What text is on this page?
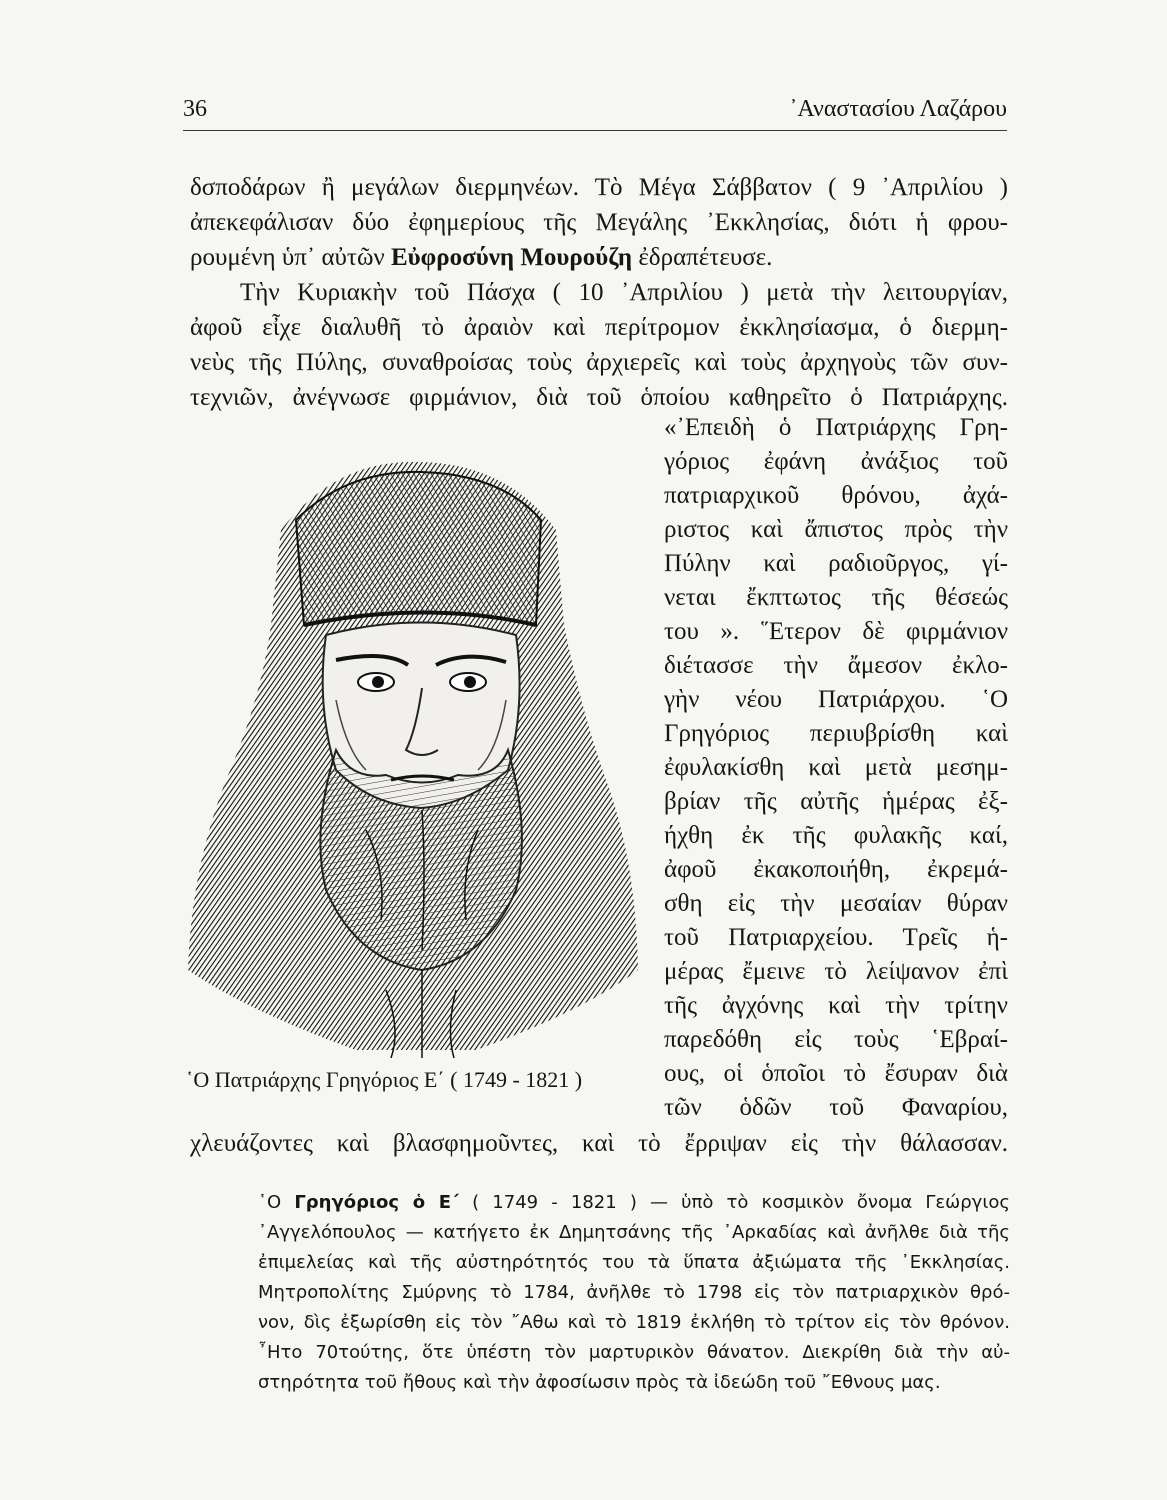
36	᾿Αναστασίου Λαζάρου
δσποδάρων ἢ μεγάλων διερμηνέων. Τὸ Μέγα Σάββατον ( 9 ᾿Απριλίου )
ἀπεκεφάλισαν δύο ἐφημερίους τῆς Μεγάλης ᾿Εκκλησίας, διότι ἡ φρου-
ρουμένη ὑπ᾿ αὐτῶν Εὐφροσύνη Μουρούζη ἐδραπέτευσε.
Τὴν Κυριακὴν τοῦ Πάσχα ( 10 ᾿Απριλίου ) μετὰ τὴν λειτουργίαν,
ἀφοῦ εἶχε διαλυθῆ τὸ ἀραιὸν καὶ περίτρομον ἐκκλησίασμα, ὁ διερμη-
νεὺς τῆς Πύλης, συναθροίσας τοὺς ἀρχιερεῖς καὶ τοὺς ἀρχηγοὺς τῶν συν-
τεχνιῶν, ἀνέγνωσε φιρμάνιον, διὰ τοῦ ὁποίου καθηρεῖτο ὁ Πατριάρχης.
«᾿Επειδὴ ὁ Πατριάρχης Γρη-
γόριος ἐφάνη ἀνάξιος τοῦ
πατριαρχικοῦ θρόνου, ἀχά-
ριστος καὶ ἄπιστος πρὸς τὴν
Πύλην καὶ ραδιοῦργος, γί-
νεται ἔκπτωτος τῆς θέσεώς
του ». ῞Ετερον δὲ φιρμάνιον
διέτασσε τὴν ἄμεσον ἐκλο-
γὴν νέου Πατριάρχου. ῾Ο
Γρηγόριος περιυβρίσθη καὶ
ἐφυλακίσθη καὶ μετὰ μεσημ-
βρίαν τῆς αὐτῆς ἡμέρας ἐξ-
ήχθη ἐκ τῆς φυλακῆς καί,
ἀφοῦ ἐκακοποιήθη, ἐκρεμά-
σθη εἰς τὴν μεσαίαν θύραν
τοῦ Πατριαρχείου. Τρεῖς ἡ-
μέρας ἔμεινε τὸ λείψανον ἐπὶ
τῆς ἀγχόνης καὶ τὴν τρίτην
παρεδόθη εἰς τοὺς ῾Εβραί-
ους, οἱ ὁποῖοι τὸ ἔσυραν διὰ
τῶν ὁδῶν τοῦ Φαναρίου,
῾Ο Πατριάρχης Γρηγόριος Ε΄ ( 1749 - 1821 )
χλευάζοντες καὶ βλασφημοῦντες, καὶ τὸ ἔρριψαν εἰς τὴν θάλασσαν.
῾Ο Γρηγόριος ὁ Ε΄ ( 1749 - 1821 ) — ὑπὸ τὸ κοσμικὸν ὄνομα Γεώργιος
᾿Αγγελόπουλος — κατήγετο ἐκ Δημητσάνης τῆς ᾿Αρκαδίας καὶ ἀνῆλθε διὰ τῆς
ἐπιμελείας καὶ τῆς αὐστηρότητός του τὰ ὕπατα ἀξιώματα τῆς ᾿Εκκλησίας.
Μητροπολίτης Σμύρνης τὸ 1784, ἀνῆλθε τὸ 1798 εἰς τὸν πατριαρχικὸν θρό-
νον, δὶς ἐξωρίσθη εἰς τὸν ῎Αθω καὶ τὸ 1819 ἐκλήθη τὸ τρίτον εἰς τὸν θρόνον.
῏Ητο 70τούτης, ὅτε ὑπέστη τὸν μαρτυρικὸν θάνατον. Διεκρίθη διὰ τὴν αὐ-
στηρότητα τοῦ ἤθους καὶ τὴν ἀφοσίωσιν πρὸς τὰ ἰδεώδη τοῦ ῎Εθνους μας.
